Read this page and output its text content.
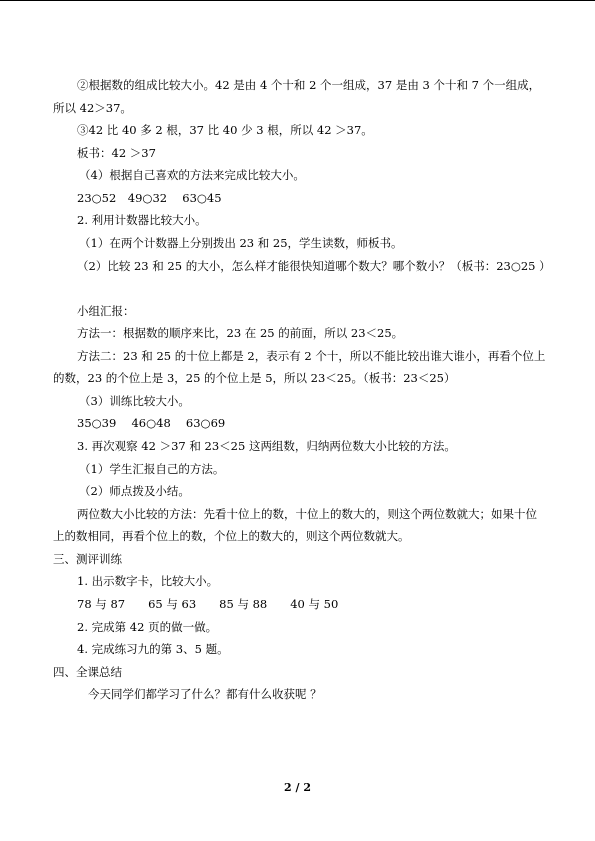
②根据数的组成比较大小。42 是由 4 个十和 2 个一组成，37 是由 3 个十和 7 个一组成，所以 42＞37。
③42 比 40 多 2 根，37 比 40 少 3 根，所以 42 ＞37。
板书：42 ＞37
（4）根据自己喜欢的方法来完成比较大小。
23○52　49○32　 63○45
2. 利用计数器比较大小。
（1）在两个计数器上分别拨出 23 和 25，学生读数，师板书。
（2）比较 23 和 25 的大小，怎么样才能很快知道哪个数大？哪个数小？（板书：23○25 ）
小组汇报：
方法一：根据数的顺序来比，23 在 25 的前面，所以 23＜25。
方法二：23 和 25 的十位上都是 2，表示有 2 个十，所以不能比较出谁大谁小，再看个位上的数，23 的个位上是 3，25 的个位上是 5，所以 23＜25。（板书：23＜25）
（3）训练比较大小。
35○39　 46○48　 63○69
3. 再次观察 42 ＞37 和 23＜25 这两组数，归纳两位数大小比较的方法。
（1）学生汇报自己的方法。
（2）师点拨及小结。
两位数大小比较的方法：先看十位上的数，十位上的数大的，则这个两位数就大；如果十位上的数相同，再看个位上的数，个位上的数大的，则这个两位数就大。
三、测评训练
1. 出示数字卡，比较大小。
78 与 87　　65 与 63　　85 与 88　　40 与 50
2. 完成第 42 页的做一做。
4. 完成练习九的第 3、5 题。
四、全课总结
今天同学们都学习了什么？都有什么收获呢 ？
2 / 2
